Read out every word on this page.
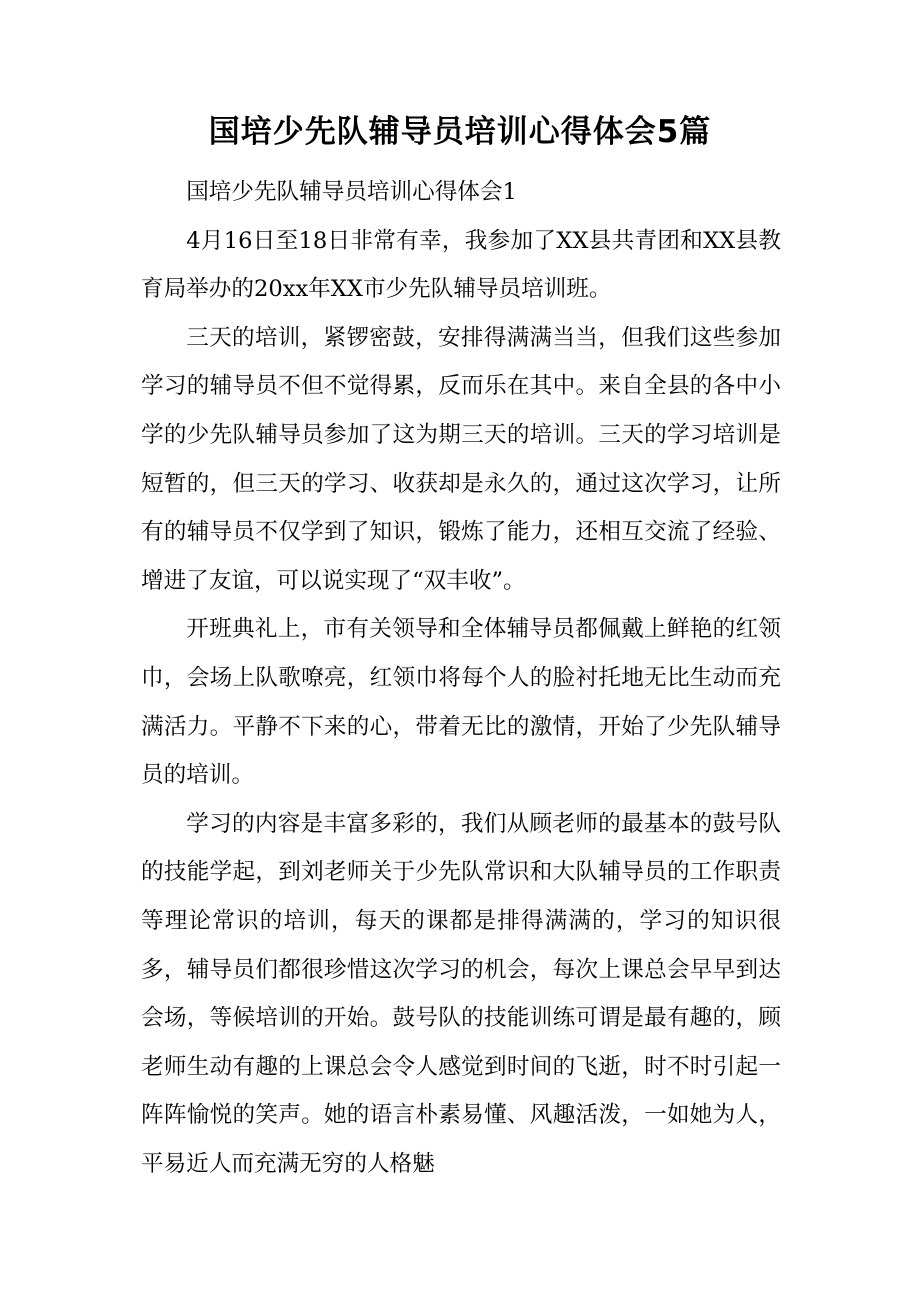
国培少先队辅导员培训心得体会5篇

国培少先队辅导员培训心得体会1

4月16日至18日非常有幸，我参加了XX县共青团和XX县教育局举办的20xx年XX市少先队辅导员培训班。

三天的培训，紧锣密鼓，安排得满满当当，但我们这些参加学习的辅导员不但不觉得累，反而乐在其中。来自全县的各中小学的少先队辅导员参加了这为期三天的培训。三天的学习培训是短暂的，但三天的学习、收获却是永久的，通过这次学习，让所有的辅导员不仅学到了知识，锻炼了能力，还相互交流了经验、增进了友谊，可以说实现了“双丰收”。

开班典礼上，市有关领导和全体辅导员都佩戴上鲜艳的红领巾，会场上队歌嘹亮，红领巾将每个人的脸衬托地无比生动而充满活力。平静不下来的心，带着无比的激情，开始了少先队辅导员的培训。

学习的内容是丰富多彩的，我们从顾老师的最基本的鼓号队的技能学起，到刘老师关于少先队常识和大队辅导员的工作职责等理论常识的培训，每天的课都是排得满满的，学习的知识很多，辅导员们都很珍惜这次学习的机会，每次上课总会早早到达会场，等候培训的开始。鼓号队的技能训练可谓是最有趣的，顾老师生动有趣的上课总会令人感觉到时间的飞逝，时不时引起一阵阵愉悦的笑声。她的语言朴素易懂、风趣活泼，一如她为人，平易近人而充满无穷的人格魅
